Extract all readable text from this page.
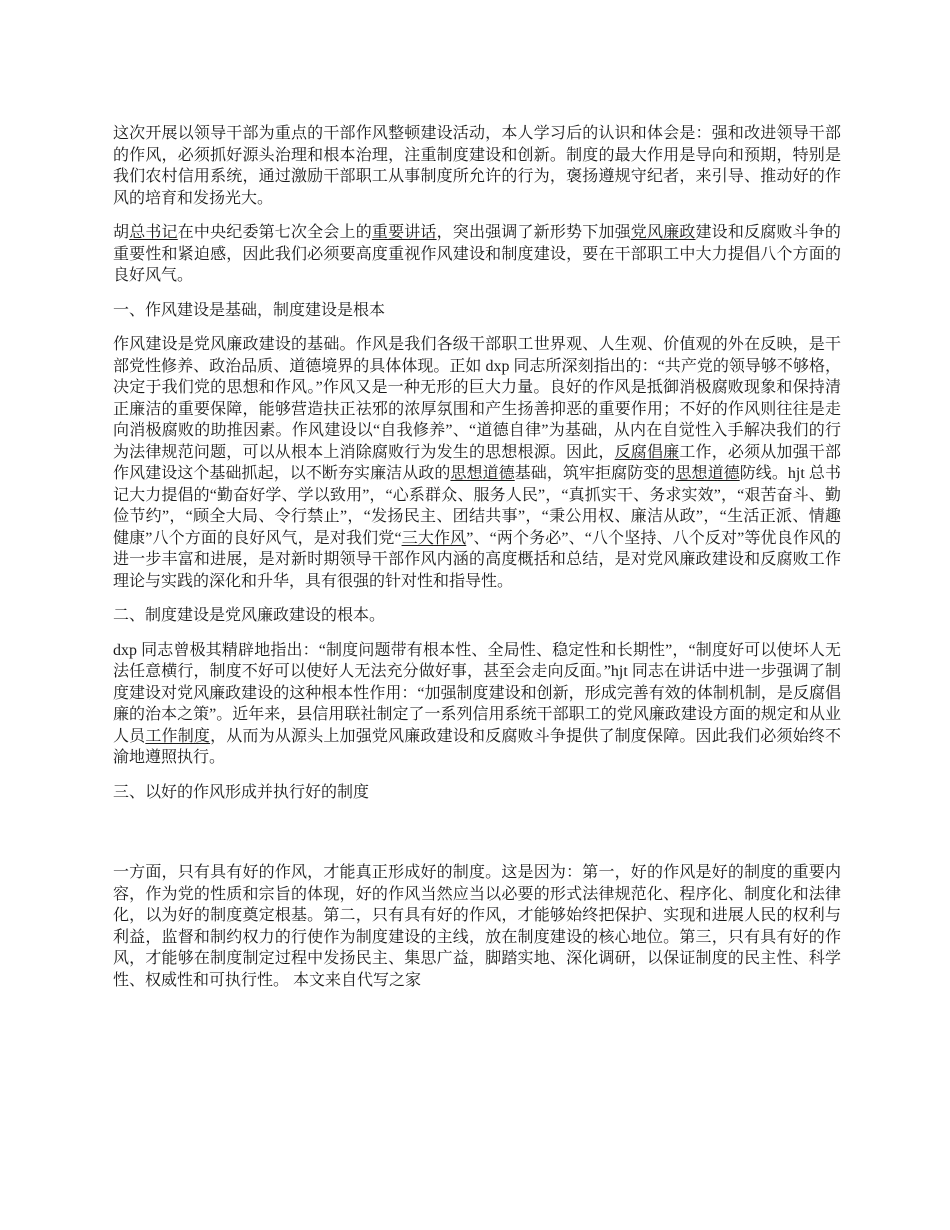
这次开展以领导干部为重点的干部作风整顿建设活动，本人学习后的认识和体会是：强和改进领导干部的作风，必须抓好源头治理和根本治理，注重制度建设和创新。制度的最大作用是导向和预期，特别是我们农村信用系统，通过激励干部职工从事制度所允许的行为，褒扬遵规守纪者，来引导、推动好的作风的培育和发扬光大。

胡总书记在中央纪委第七次全会上的重要讲话，突出强调了新形势下加强党风廉政建设和反腐败斗争的重要性和紧迫感，因此我们必须要高度重视作风建设和制度建设，要在干部职工中大力提倡八个方面的良好风气。

一、作风建设是基础，制度建设是根本

作风建设是党风廉政建设的基础。作风是我们各级干部职工世界观、人生观、价值观的外在反映，是干部党性修养、政治品质、道德境界的具体体现。正如 dxp 同志所深刻指出的：“共产党的领导够不够格，决定于我们党的思想和作风。”作风又是一种无形的巨大力量。良好的作风是抵御消极腐败现象和保持清正廉洁的重要保障，能够营造扶正祛邪的浓厚氛围和产生扬善抑恶的重要作用；不好的作风则往往是走向消极腐败的助推因素。作风建设以“自我修养”、“道德自律”为基础，从内在自觉性入手解决我们的行为法律规范问题，可以从根本上消除腐败行为发生的思想根源。因此，反腐倡廉工作，必须从加强干部作风建设这个基础抓起，以不断夯实廉洁从政的思想道德基础，筑牢拒腐防变的思想道德防线。hjt 总书记大力提倡的“勤奋好学、学以致用”，“心系群众、服务人民”，“真抓实干、务求实效”，“艰苦奋斗、勤俭节约”，“顾全大局、令行禁止”，“发扬民主、团结共事”，“秉公用权、廉洁从政”，“生活正派、情趣健康”八个方面的良好风气，是对我们党“三大作风”、“两个务必”、“八个坚持、八个反对”等优良作风的进一步丰富和进展，是对新时期领导干部作风内涵的高度概括和总结，是对党风廉政建设和反腐败工作理论与实践的深化和升华，具有很强的针对性和指导性。

二、制度建设是党风廉政建设的根本。

dxp 同志曾极其精辟地指出：“制度问题带有根本性、全局性、稳定性和长期性”，“制度好可以使坏人无法任意横行，制度不好可以使好人无法充分做好事，甚至会走向反面。”hjt 同志在讲话中进一步强调了制度建设对党风廉政建设的这种根本性作用：“加强制度建设和创新，形成完善有效的体制机制，是反腐倡廉的治本之策”。近年来，县信用联社制定了一系列信用系统干部职工的党风廉政建设方面的规定和从业人员工作制度，从而为从源头上加强党风廉政建设和反腐败斗争提供了制度保障。因此我们必须始终不渝地遵照执行。

三、以好的作风形成并执行好的制度

一方面，只有具有好的作风，才能真正形成好的制度。这是因为：第一，好的作风是好的制度的重要内容，作为党的性质和宗旨的体现，好的作风当然应当以必要的形式法律规范化、程序化、制度化和法律化，以为好的制度奠定根基。第二，只有具有好的作风，才能够始终把保护、实现和进展人民的权利与利益，监督和制约权力的行使作为制度建设的主线，放在制度建设的核心地位。第三，只有具有好的作风，才能够在制度制定过程中发扬民主、集思广益，脚踏实地、深化调研，以保证制度的民主性、科学性、权威性和可执行性。 本文来自代写之家
